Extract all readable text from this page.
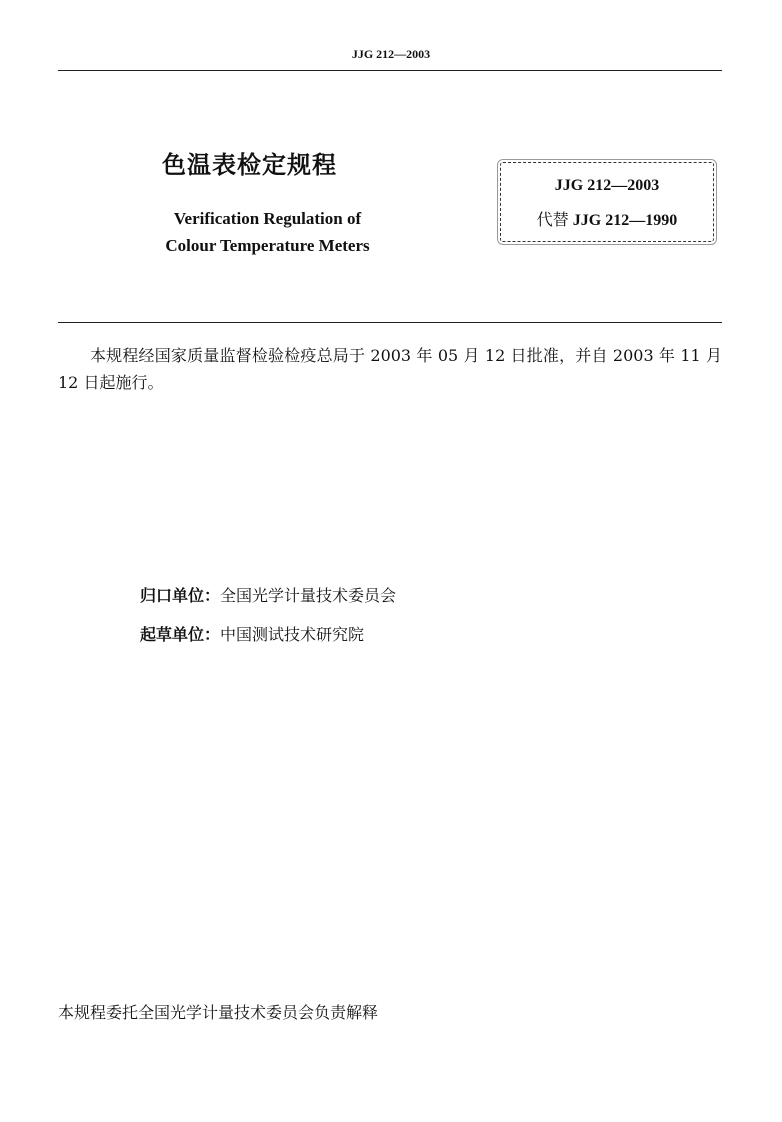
JJG 212—2003
色温表检定规程
Verification Regulation of
Colour Temperature Meters
JJG 212—2003
代替 JJG 212—1990
本规程经国家质量监督检验检疫总局于 2003 年 05 月 12 日批准，并自 2003 年 11 月 12 日起施行。
归口单位：全国光学计量技术委员会
起草单位：中国测试技术研究院
本规程委托全国光学计量技术委员会负责解释
